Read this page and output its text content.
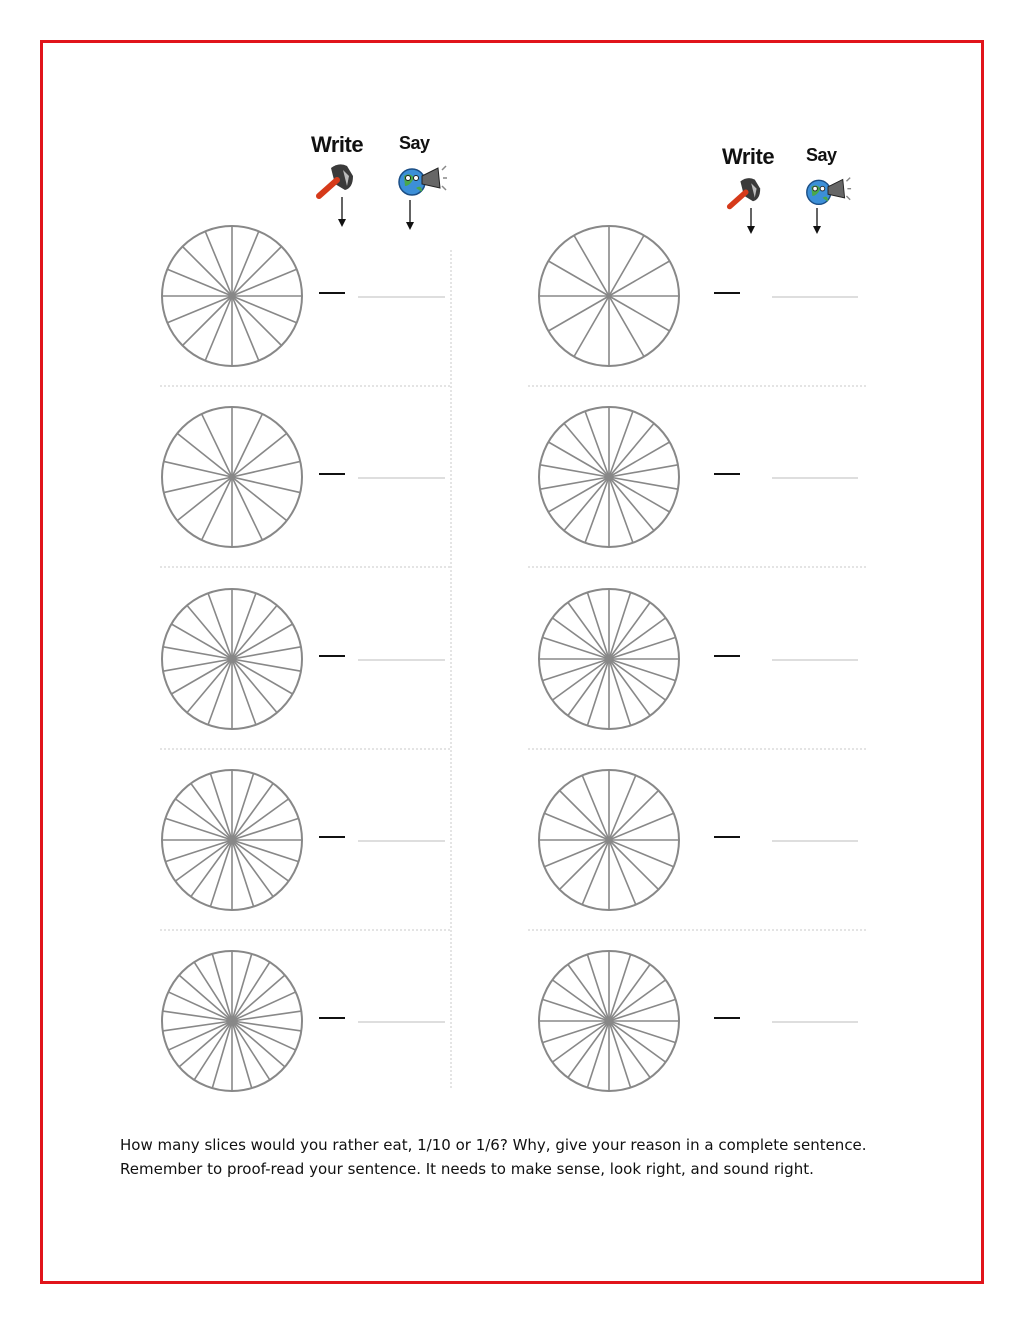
Write Say
Write Say
How many slices would you rather eat, 1/10 or 1/6? Why, give your reason in a complete sentence.
Remember to proof-read your sentence. It needs to make sense, look right, and sound right.
